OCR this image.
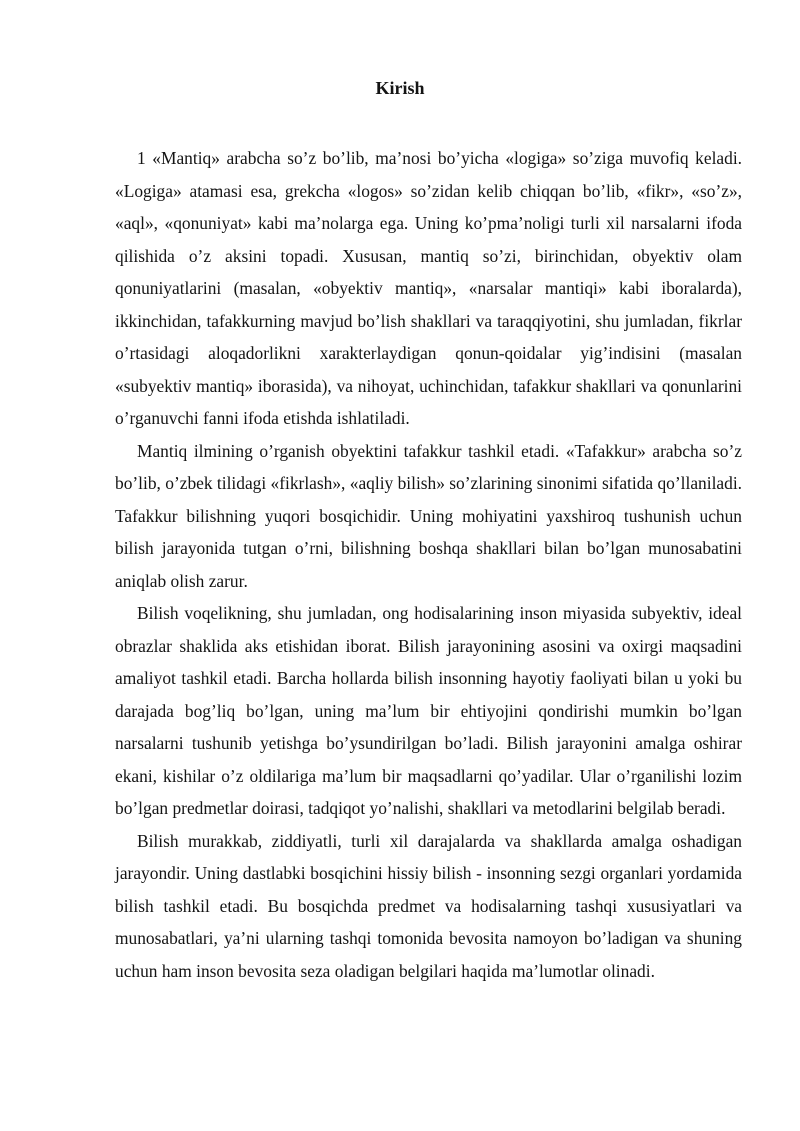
Kirish

1 «Mantiq» arabcha so’z bo’lib, ma’nosi bo’yicha «logiga» so’ziga muvofiq keladi. «Logiga» atamasi esa, grekcha «logos» so’zidan kelib chiqqan bo’lib, «fikr», «so’z», «aql», «qonuniyat» kabi ma’nolarga ega. Uning ko’pma’noligi turli xil narsalarni ifoda qilishida o’z aksini topadi. Xususan, mantiq so’zi, birinchidan, obyektiv olam qonuniyatlarini (masalan, «obyektiv mantiq», «narsalar mantiqi» kabi iboralarda), ikkinchidan, tafakkurning mavjud bo’lish shakllari va taraqqiyotini, shu jumladan, fikrlar o’rtasidagi aloqadorlikni xarakterlaydigan qonun-qoidalar yig’indisini (masalan «subyektiv mantiq» iborasida), va nihoyat, uchinchidan, tafakkur shakllari va qonunlarini o’rganuvchi fanni ifoda etishda ishlatiladi.

Mantiq ilmining o’rganish obyektini tafakkur tashkil etadi. «Tafakkur» arabcha so’z bo’lib, o’zbek tilidagi «fikrlash», «aqliy bilish» so’zlarining sinonimi sifatida qo’llaniladi. Tafakkur bilishning yuqori bosqichidir. Uning mohiyatini yaxshiroq tushunish uchun bilish jarayonida tutgan o’rni, bilishning boshqa shakllari bilan bo’lgan munosabatini aniqlab olish zarur.

Bilish voqelikning, shu jumladan, ong hodisalarining inson miyasida subyektiv, ideal obrazlar shaklida aks etishidan iborat. Bilish jarayonining asosini va oxirgi maqsadini amaliyot tashkil etadi. Barcha hollarda bilish insonning hayotiy faoliyati bilan u yoki bu darajada bog’liq bo’lgan, uning ma’lum bir ehtiyojini qondirishi mumkin bo’lgan narsalarni tushunib yetishga bo’ysundirilgan bo’ladi. Bilish jarayonini amalga oshirar ekani, kishilar o’z oldilariga ma’lum bir maqsadlarni qo’yadilar. Ular o’rganilishi lozim bo’lgan predmetlar doirasi, tadqiqot yo’nalishi, shakllari va metodlarini belgilab beradi.

Bilish murakkab, ziddiyatli, turli xil darajalarda va shakllarda amalga oshadigan jarayondir. Uning dastlabki bosqichini hissiy bilish - insonning sezgi organlari yordamida bilish tashkil etadi. Bu bosqichda predmet va hodisalarning tashqi xususiyatlari va munosabatlari, ya’ni ularning tashqi tomonida bevosita namoyon bo’ladigan va shuning uchun ham inson bevosita seza oladigan belgilari haqida ma’lumotlar olinadi.
